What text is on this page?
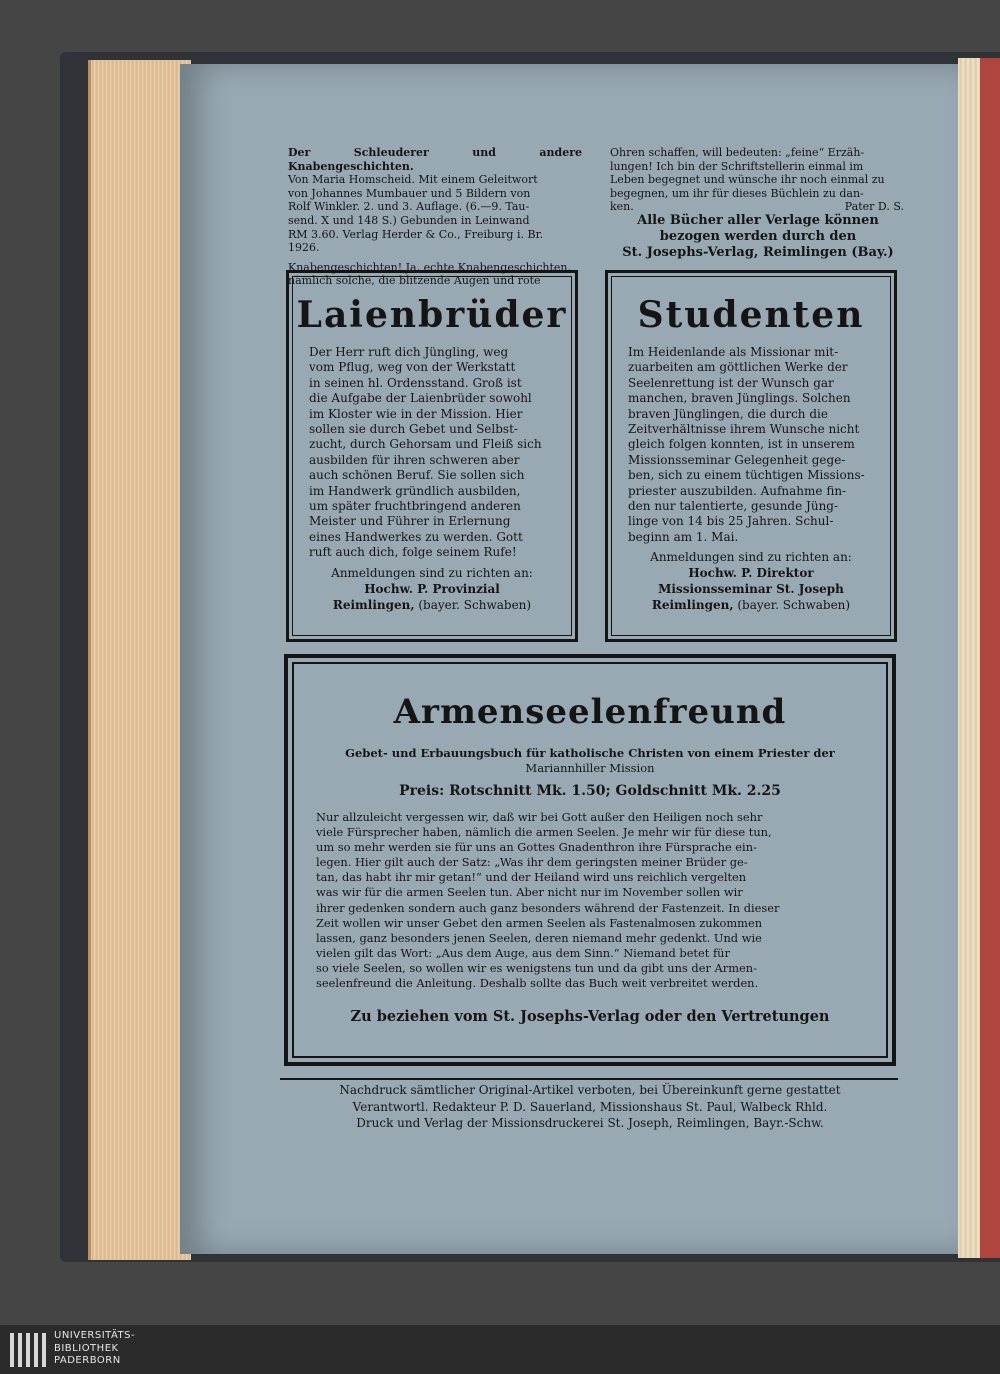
Der Schleuderer und andere Knabengeschichten.
Von Maria Homscheid. Mit einem Geleitwort
von Johannes Mumbauer und 5 Bildern von
Rolf Winkler. 2. und 3. Auflage. (6.—9. Tau-
send. X und 148 S.) Gebunden in Leinwand
RM 3.60. Verlag Herder & Co., Freiburg i. Br.
1926.
Knabengeschichten! Ja, echte Knabengeschichten,
nämlich solche, die blitzende Augen und rote
Ohren schaffen, will bedeuten: „feine“ Erzäh-
lungen! Ich bin der Schriftstellerin einmal im
Leben begegnet und wünsche ihr noch einmal zu
begegnen, um ihr für dieses Büchlein zu dan-
ken.	Pater D. S.
Alle Bücher aller Verlage können
bezogen werden durch den
St. Josephs-Verlag, Reimlingen (Bay.)
Laienbrüder
Der Herr ruft dich Jüngling, weg
vom Pflug, weg von der Werkstatt
in seinen hl. Ordensstand. Groß ist
die Aufgabe der Laienbrüder sowohl
im Kloster wie in der Mission. Hier
sollen sie durch Gebet und Selbst-
zucht, durch Gehorsam und Fleiß sich
ausbilden für ihren schweren aber
auch schönen Beruf. Sie sollen sich
im Handwerk gründlich ausbilden,
um später fruchtbringend anderen
Meister und Führer in Erlernung
eines Handwerkes zu werden. Gott
ruft auch dich, folge seinem Rufe!
Anmeldungen sind zu richten an:
Hochw. P. Provinzial
Reimlingen, (bayer. Schwaben)
Studenten
Im Heidenlande als Missionar mit-
zuarbeiten am göttlichen Werke der
Seelenrettung ist der Wunsch gar
manchen, braven Jünglings. Solchen
braven Jünglingen, die durch die
Zeitverhältnisse ihrem Wunsche nicht
gleich folgen konnten, ist in unserem
Missionsseminar Gelegenheit gege-
ben, sich zu einem tüchtigen Missions-
priester auszubilden. Aufnahme fin-
den nur talentierte, gesunde Jüng-
linge von 14 bis 25 Jahren. Schul-
beginn am 1. Mai.
Anmeldungen sind zu richten an:
Hochw. P. Direktor
Missionsseminar St. Joseph
Reimlingen, (bayer. Schwaben)
Armenseelenfreund
Gebet- und Erbauungsbuch für katholische Christen von einem Priester der
Mariannhiller Mission
Preis: Rotschnitt Mk. 1.50; Goldschnitt Mk. 2.25
Nur allzuleicht vergessen wir, daß wir bei Gott außer den Heiligen noch sehr
viele Fürsprecher haben, nämlich die armen Seelen. Je mehr wir für diese tun,
um so mehr werden sie für uns an Gottes Gnadenthron ihre Fürsprache ein-
legen. Hier gilt auch der Satz: „Was ihr dem geringsten meiner Brüder ge-
tan, das habt ihr mir getan!“ und der Heiland wird uns reichlich vergelten
was wir für die armen Seelen tun. Aber nicht nur im November sollen wir
ihrer gedenken sondern auch ganz besonders während der Fastenzeit. In dieser
Zeit wollen wir unser Gebet den armen Seelen als Fastenalmosen zukommen
lassen, ganz besonders jenen Seelen, deren niemand mehr gedenkt. Und wie
vielen gilt das Wort: „Aus dem Auge, aus dem Sinn.“ Niemand betet für
so viele Seelen, so wollen wir es wenigstens tun und da gibt uns der Armen-
seelenfreund die Anleitung. Deshalb sollte das Buch weit verbreitet werden.
Zu beziehen vom St. Josephs-Verlag oder den Vertretungen
Nachdruck sämtlicher Original-Artikel verboten, bei Übereinkunft gerne gestattet
Verantwortl. Redakteur P. D. Sauerland, Missionshaus St. Paul, Walbeck Rhld.
Druck und Verlag der Missionsdruckerei St. Joseph, Reimlingen, Bayr.-Schw.
UNIVERSITÄTS-
BIBLIOTHEK
PADERBORN
